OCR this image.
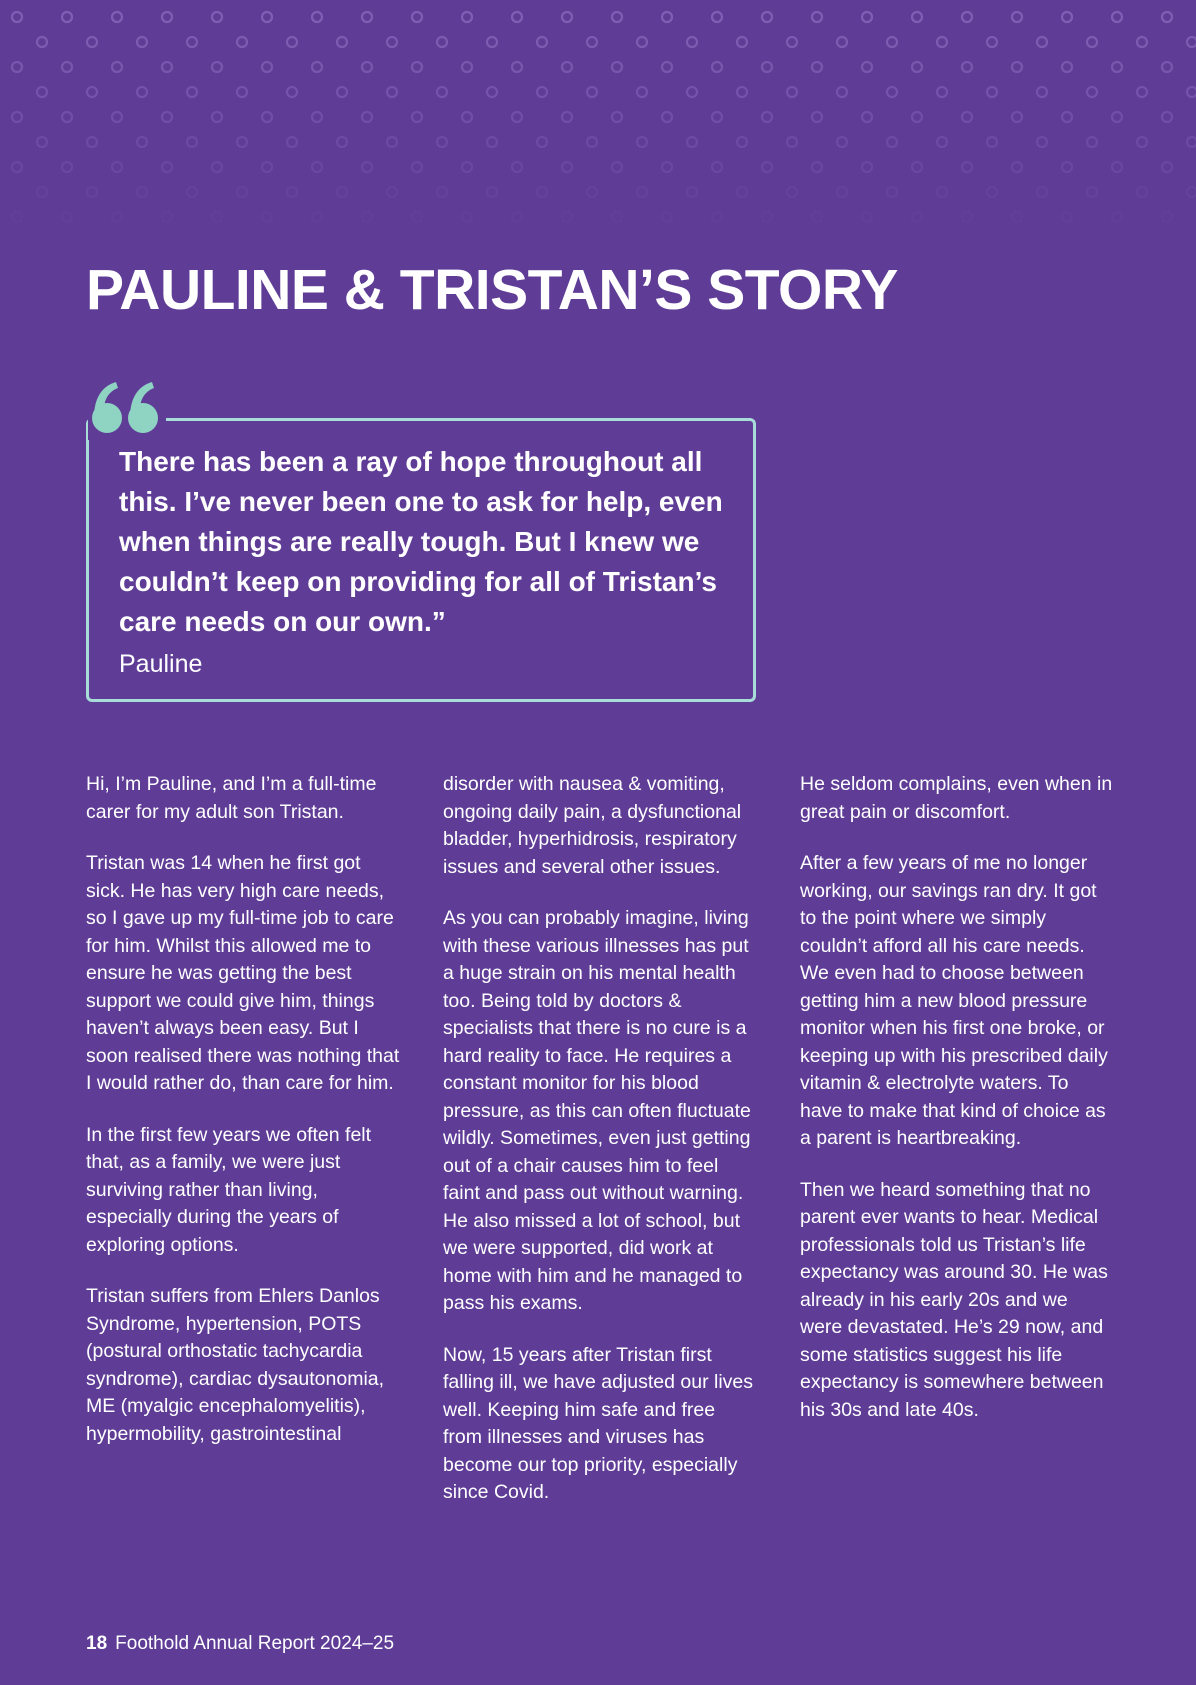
PAULINE & TRISTAN’S STORY

There has been a ray of hope throughout all this. I’ve never been one to ask for help, even when things are really tough. But I knew we couldn’t keep on providing for all of Tristan’s care needs on our own.”

Pauline

Hi, I’m Pauline, and I’m a full-time carer for my adult son Tristan.

Tristan was 14 when he first got sick. He has very high care needs, so I gave up my full-time job to care for him. Whilst this allowed me to ensure he was getting the best support we could give him, things haven’t always been easy. But I soon realised there was nothing that I would rather do, than care for him.

In the first few years we often felt that, as a family, we were just surviving rather than living, especially during the years of exploring options.

Tristan suffers from Ehlers Danlos Syndrome, hypertension, POTS (postural orthostatic tachycardia syndrome), cardiac dysautonomia, ME (myalgic encephalomyelitis), hypermobility, gastrointestinal

disorder with nausea & vomiting, ongoing daily pain, a dysfunctional bladder, hyperhidrosis, respiratory issues and several other issues.

As you can probably imagine, living with these various illnesses has put a huge strain on his mental health too. Being told by doctors & specialists that there is no cure is a hard reality to face. He requires a constant monitor for his blood pressure, as this can often fluctuate wildly. Sometimes, even just getting out of a chair causes him to feel faint and pass out without warning. He also missed a lot of school, but we were supported, did work at home with him and he managed to pass his exams.

Now, 15 years after Tristan first falling ill, we have adjusted our lives well. Keeping him safe and free from illnesses and viruses has become our top priority, especially since Covid.

He seldom complains, even when in great pain or discomfort.

After a few years of me no longer working, our savings ran dry. It got to the point where we simply couldn’t afford all his care needs. We even had to choose between getting him a new blood pressure monitor when his first one broke, or keeping up with his prescribed daily vitamin & electrolyte waters. To have to make that kind of choice as a parent is heartbreaking.

Then we heard something that no parent ever wants to hear. Medical professionals told us Tristan’s life expectancy was around 30. He was already in his early 20s and we were devastated. He’s 29 now, and some statistics suggest his life expectancy is somewhere between his 30s and late 40s.

18 Foothold Annual Report 2024–25
